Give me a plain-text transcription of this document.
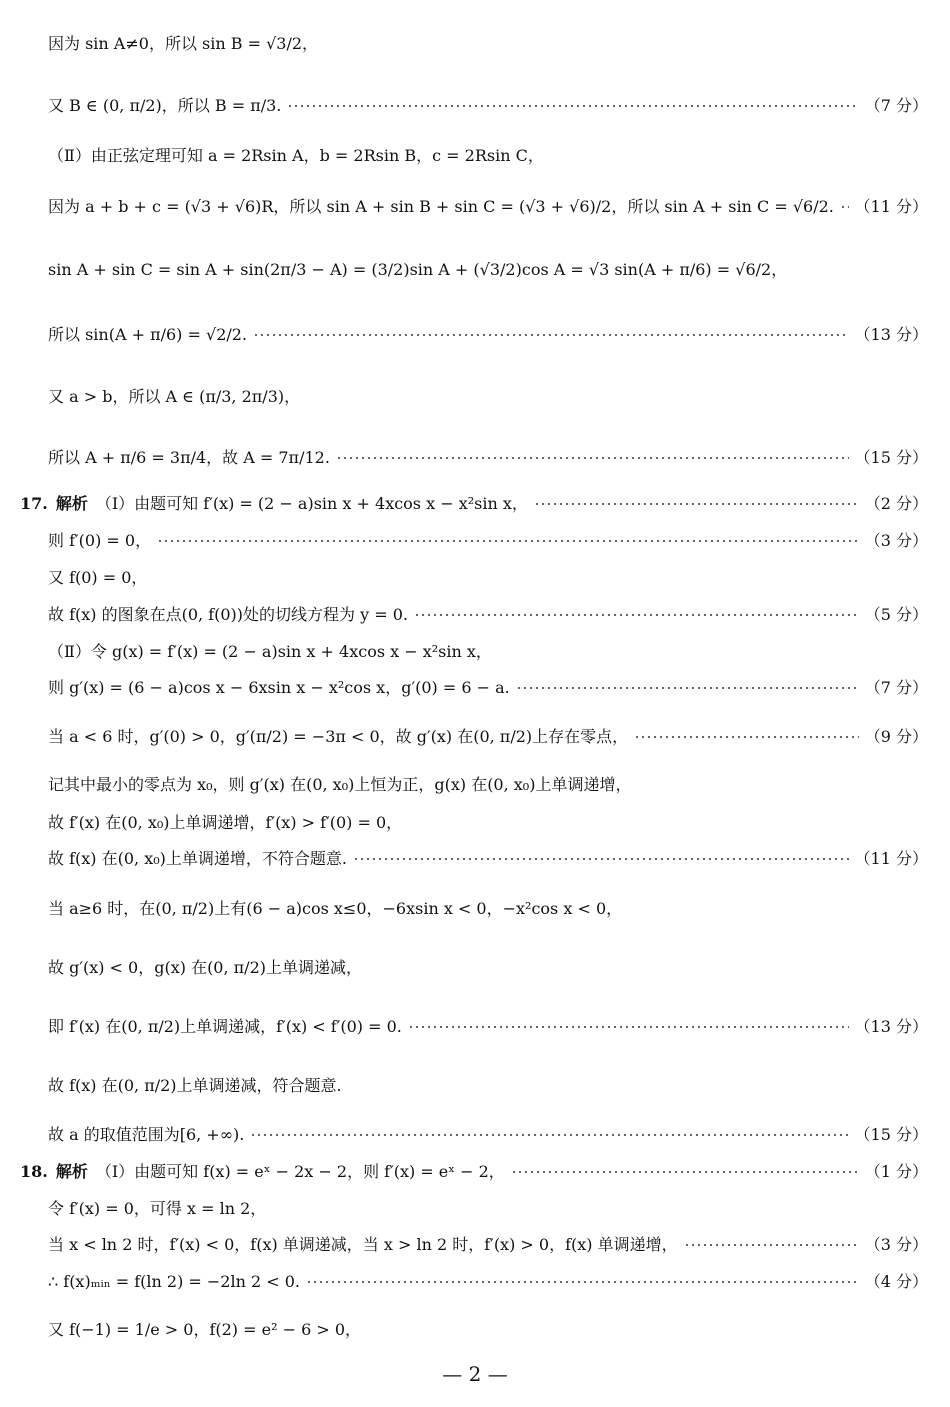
因为 sin A≠0，所以 sin B = √3/2，
又 B ∈ (0, π/2)，所以 B = π/3.	（7 分）
（Ⅱ）由正弦定理可知 a = 2Rsin A，b = 2Rsin B，c = 2Rsin C，
因为 a + b + c = (√3 + √6)R，所以 sin A + sin B + sin C = (√3 + √6)/2，所以 sin A + sin C = √6/2. （11 分）
sin A + sin C = sin A + sin(2π/3 − A) = (3/2)sin A + (√3/2)cos A = √3 sin(A + π/6) = √6/2，
所以 sin(A + π/6) = √2/2.	（13 分）
又 a > b，所以 A ∈ (π/3, 2π/3)，
所以 A + π/6 = 3π/4，故 A = 7π/12.	（15 分）
17. 解析 （Ⅰ）由题可知 f′(x) = (2 − a)sin x + 4xcos x − x²sin x，	（2 分）
则 f′(0) = 0，	（3 分）
又 f(0) = 0，
故 f(x) 的图象在点(0, f(0))处的切线方程为 y = 0.	（5 分）
（Ⅱ）令 g(x) = f′(x) = (2 − a)sin x + 4xcos x − x²sin x，
则 g′(x) = (6 − a)cos x − 6xsin x − x²cos x，g′(0) = 6 − a.	（7 分）
当 a < 6 时，g′(0) > 0，g′(π/2) = −3π < 0，故 g′(x) 在(0, π/2)上存在零点，	（9 分）
记其中最小的零点为 x₀，则 g′(x) 在(0, x₀)上恒为正，g(x) 在(0, x₀)上单调递增，
故 f′(x) 在(0, x₀)上单调递增，f′(x) > f′(0) = 0，
故 f(x) 在(0, x₀)上单调递增，不符合题意.	（11 分）
当 a≥6 时，在(0, π/2)上有(6 − a)cos x≤0，−6xsin x < 0，−x²cos x < 0，
故 g′(x) < 0，g(x) 在(0, π/2)上单调递减，
即 f′(x) 在(0, π/2)上单调递减，f′(x) < f′(0) = 0.	（13 分）
故 f(x) 在(0, π/2)上单调递减，符合题意.
故 a 的取值范围为[6, +∞).	（15 分）
18. 解析 （Ⅰ）由题可知 f(x) = eˣ − 2x − 2，则 f′(x) = eˣ − 2，	（1 分）
令 f′(x) = 0，可得 x = ln 2，
当 x < ln 2 时，f′(x) < 0，f(x) 单调递减，当 x > ln 2 时，f′(x) > 0，f(x) 单调递增，	（3 分）
∴ f(x)ₘᵢₙ = f(ln 2) = −2ln 2 < 0.	（4 分）
又 f(−1) = 1/e > 0，f(2) = e² − 6 > 0，
— 2 —
